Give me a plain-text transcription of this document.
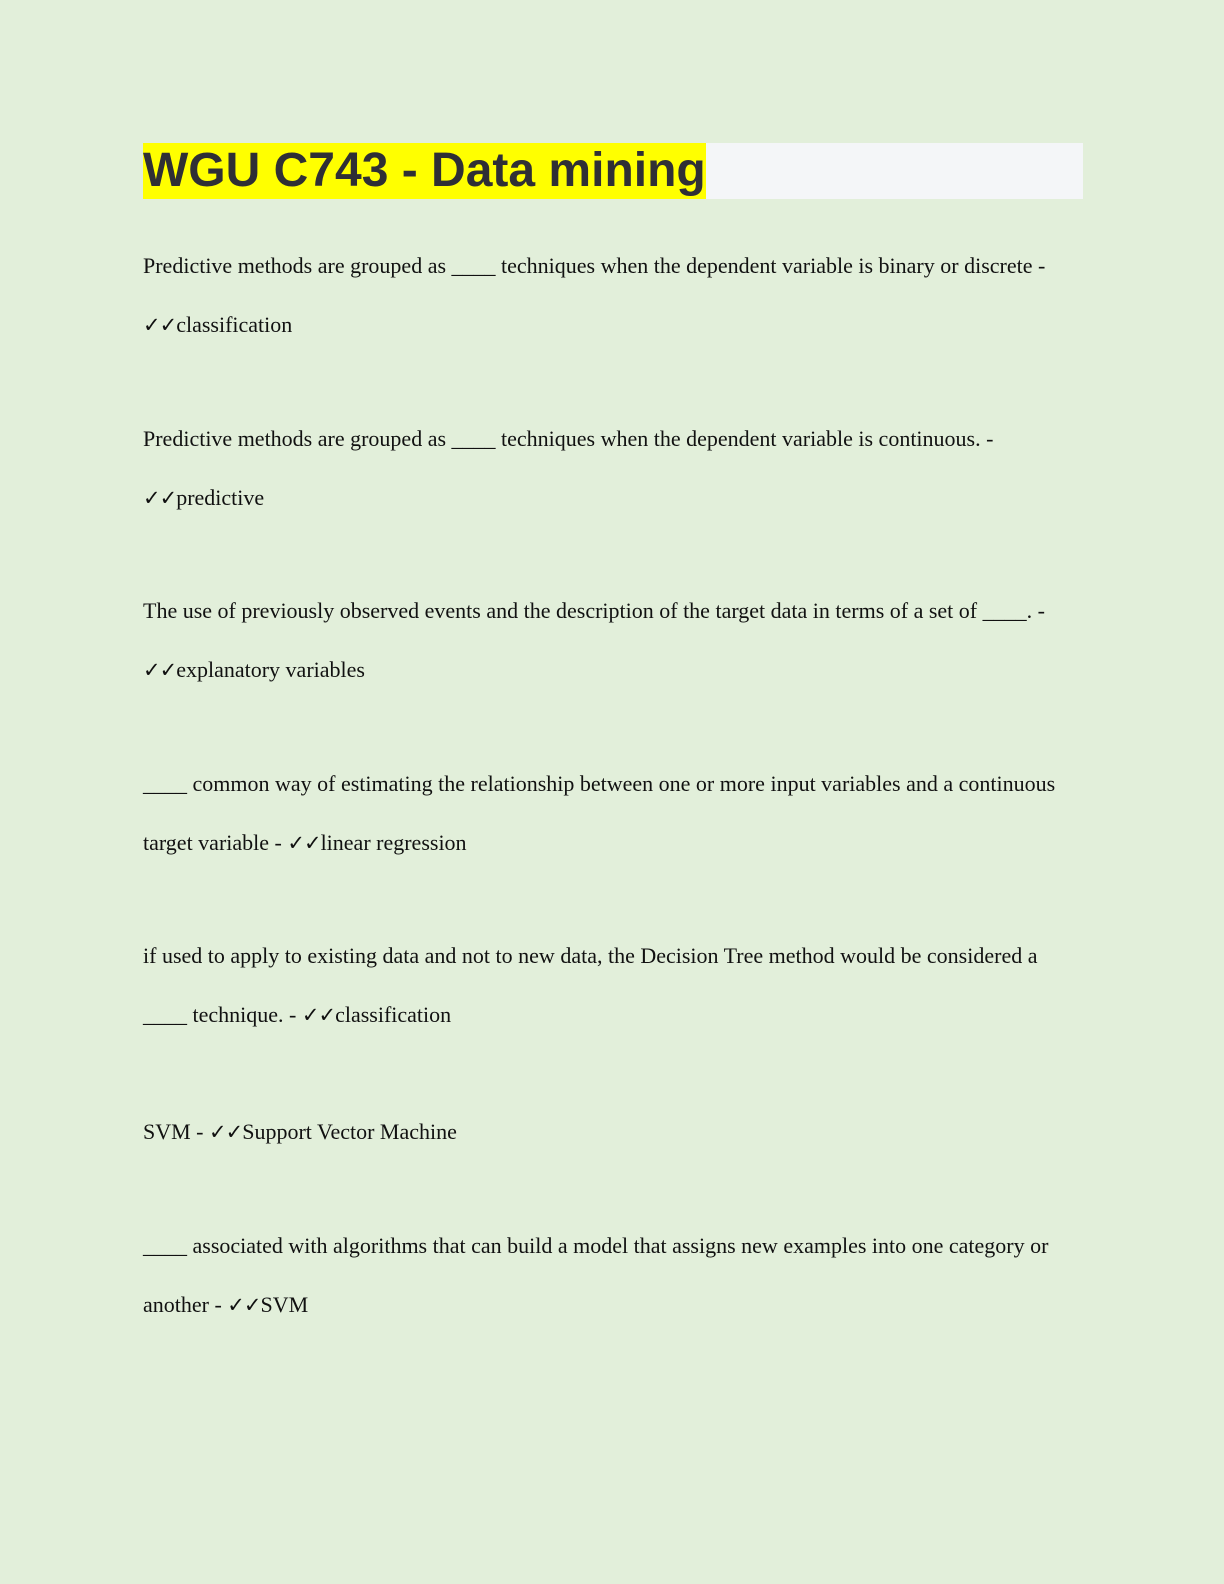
WGU C743 - Data mining

Predictive methods are grouped as ____ techniques when the dependent variable is binary or discrete - ✓✓classification

Predictive methods are grouped as ____ techniques when the dependent variable is continuous. - ✓✓predictive

The use of previously observed events and the description of the target data in terms of a set of ____. - ✓✓explanatory variables

____ common way of estimating the relationship between one or more input variables and a continuous target variable - ✓✓linear regression

if used to apply to existing data and not to new data, the Decision Tree method would be considered a ____ technique. - ✓✓classification

SVM - ✓✓Support Vector Machine

____ associated with algorithms that can build a model that assigns new examples into one category or another - ✓✓SVM
